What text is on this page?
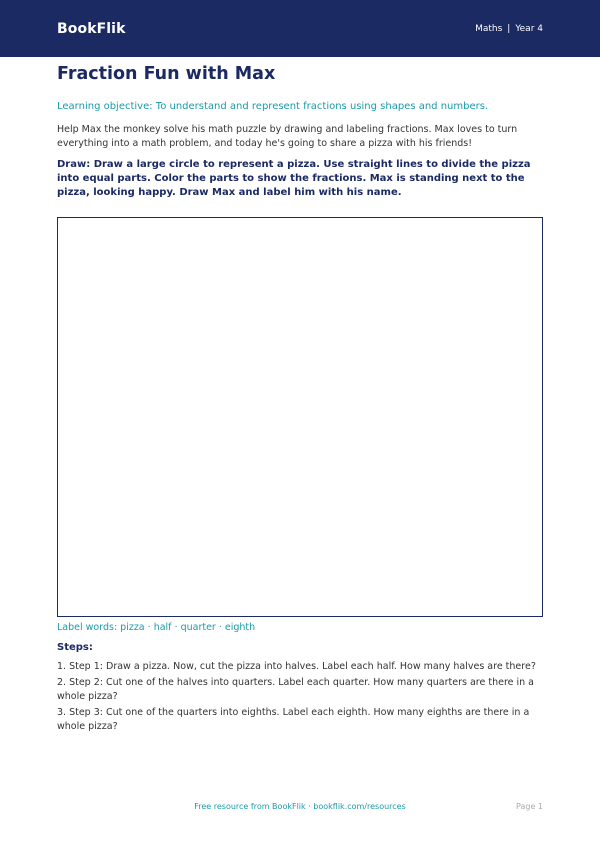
BookFlik	Maths | Year 4
Fraction Fun with Max
Learning objective: To understand and represent fractions using shapes and numbers.
Help Max the monkey solve his math puzzle by drawing and labeling fractions. Max loves to turn everything into a math problem, and today he's going to share a pizza with his friends!
Draw: Draw a large circle to represent a pizza. Use straight lines to divide the pizza into equal parts. Color the parts to show the fractions. Max is standing next to the pizza, looking happy. Draw Max and label him with his name.
Label words: pizza · half · quarter · eighth
Steps:
1. Step 1: Draw a pizza. Now, cut the pizza into halves. Label each half. How many halves are there?
2. Step 2: Cut one of the halves into quarters. Label each quarter. How many quarters are there in a whole pizza?
3. Step 3: Cut one of the quarters into eighths. Label each eighth. How many eighths are there in a whole pizza?
Free resource from BookFlik · bookflik.com/resources	Page 1
